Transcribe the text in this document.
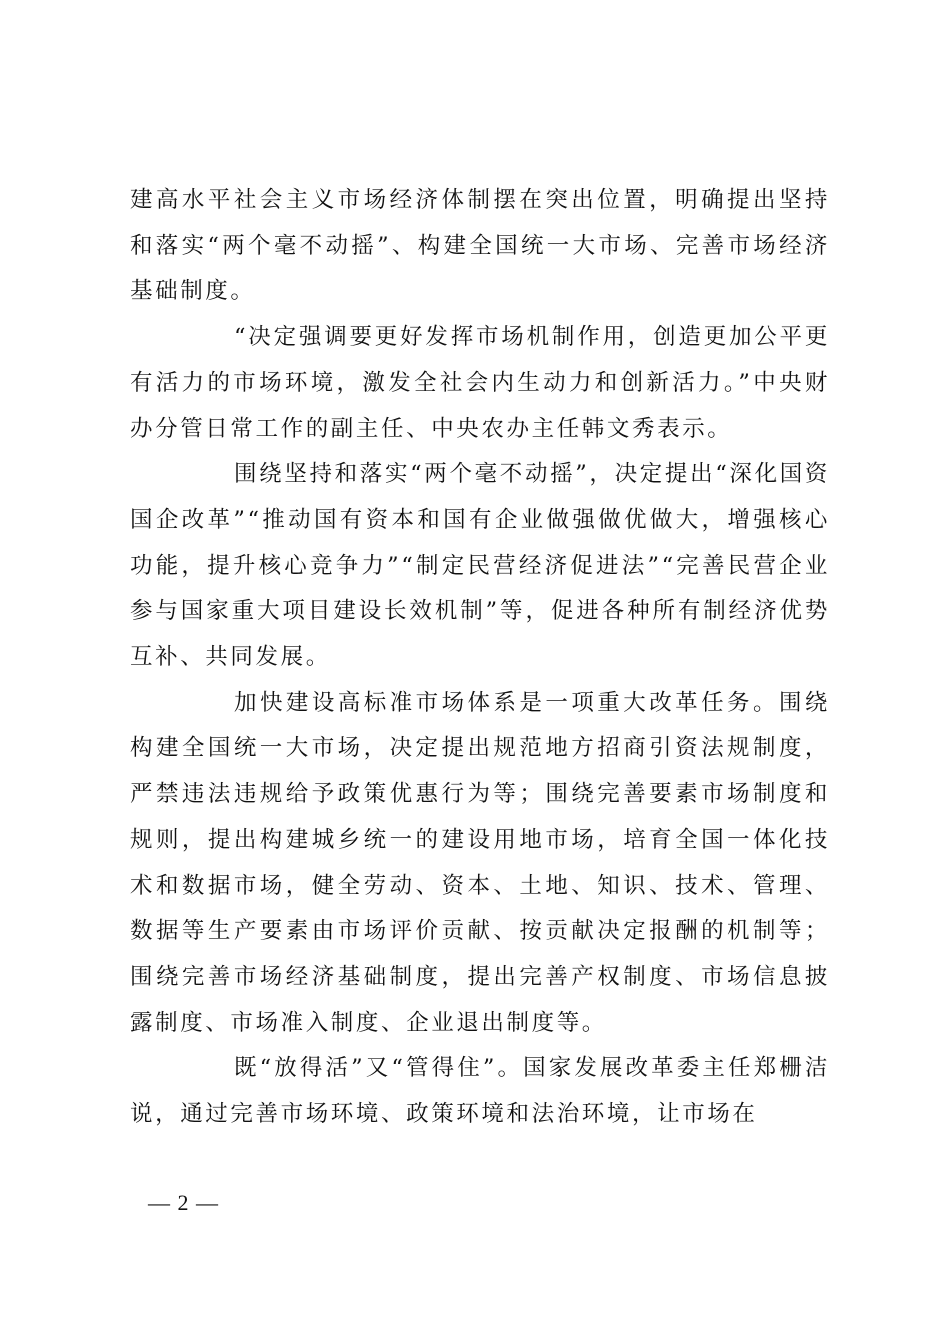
建高水平社会主义市场经济体制摆在突出位置，明确提出坚持和落实“两个毫不动摇”、构建全国统一大市场、完善市场经济基础制度。

“决定强调要更好发挥市场机制作用，创造更加公平更有活力的市场环境，激发全社会内生动力和创新活力。”中央财办分管日常工作的副主任、中央农办主任韩文秀表示。

围绕坚持和落实“两个毫不动摇”，决定提出“深化国资国企改革”“推动国有资本和国有企业做强做优做大，增强核心功能，提升核心竞争力”“制定民营经济促进法”“完善民营企业参与国家重大项目建设长效机制”等，促进各种所有制经济优势互补、共同发展。

加快建设高标准市场体系是一项重大改革任务。围绕构建全国统一大市场，决定提出规范地方招商引资法规制度，严禁违法违规给予政策优惠行为等；围绕完善要素市场制度和规则，提出构建城乡统一的建设用地市场，培育全国一体化技术和数据市场，健全劳动、资本、土地、知识、技术、管理、数据等生产要素由市场评价贡献、按贡献决定报酬的机制等；围绕完善市场经济基础制度，提出完善产权制度、市场信息披露制度、市场准入制度、企业退出制度等。

既“放得活”又“管得住”。国家发展改革委主任郑栅洁说，通过完善市场环境、政策环境和法治环境，让市场在

— 2 —
